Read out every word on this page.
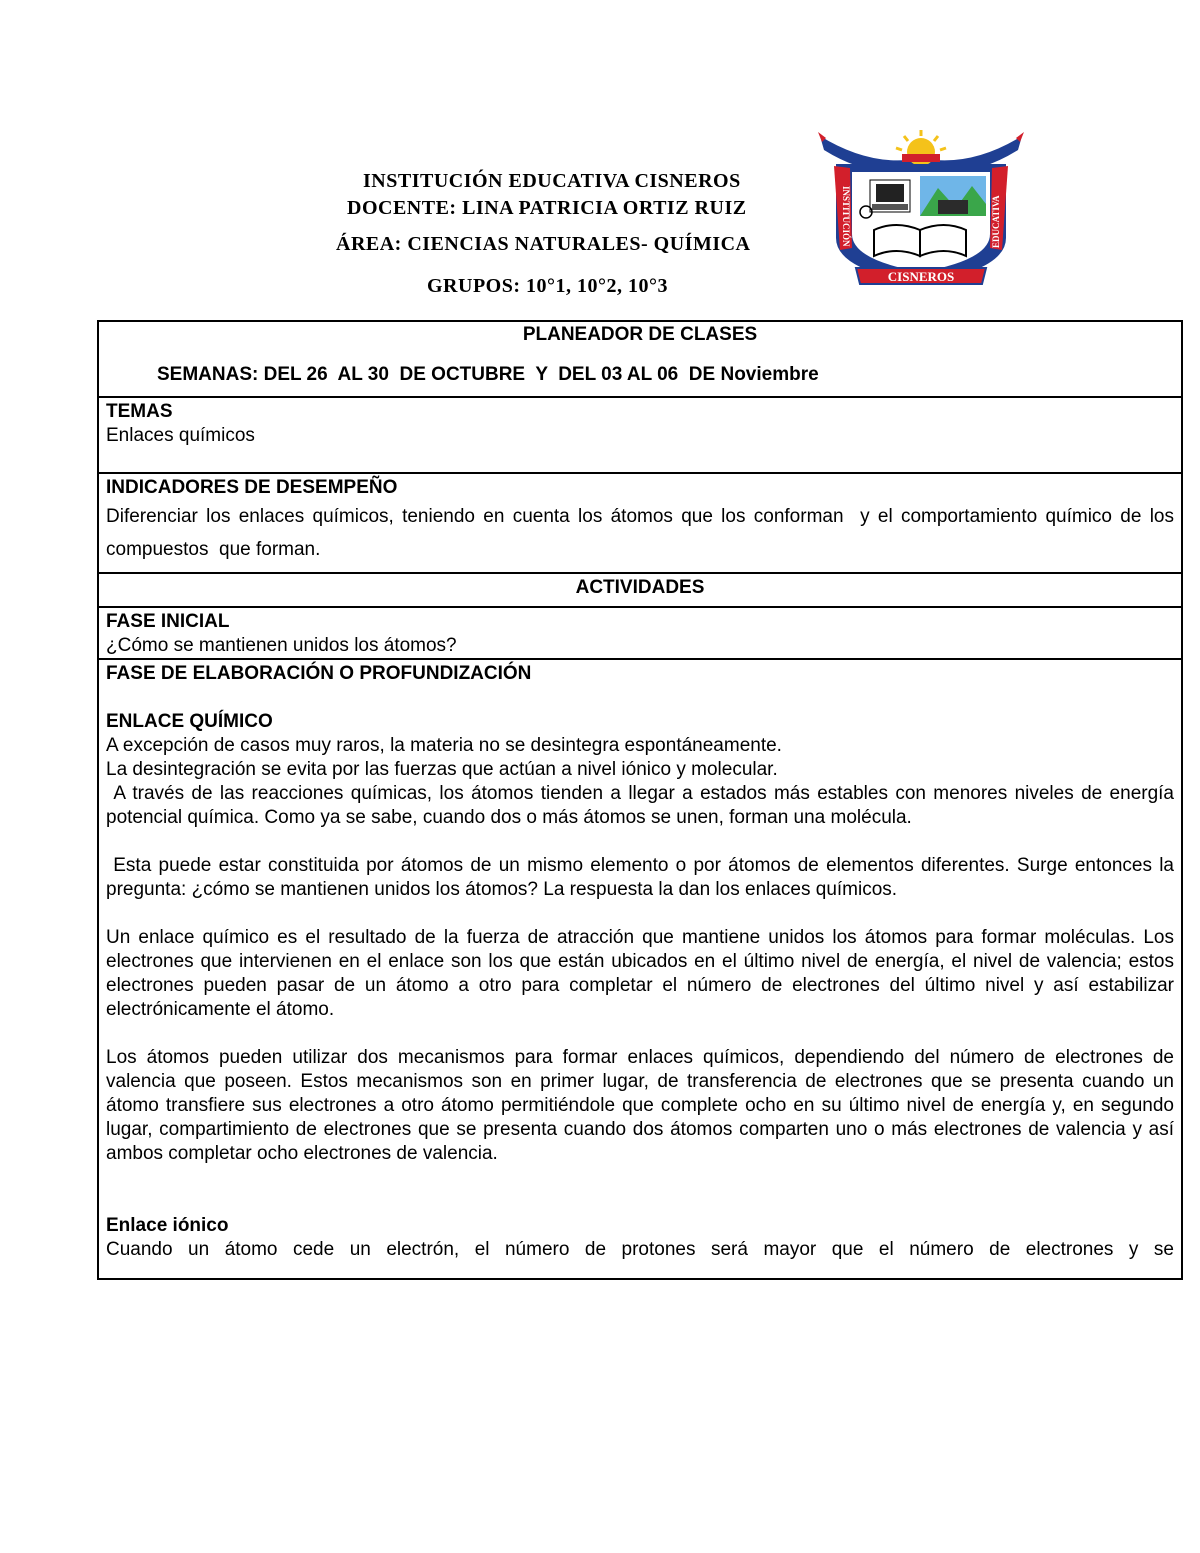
INSTITUCIÓN EDUCATIVA CISNEROS
DOCENTE: LINA PATRICIA ORTIZ RUIZ
ÁREA: CIENCIAS NATURALES- QUÍMICA
GRUPOS: 10°1, 10°2, 10°3
INSTITUCIÓN	EDUCATIVA
CISNEROS
PLANEADOR DE CLASES
SEMANAS: DEL 26  AL 30  DE OCTUBRE  Y  DEL 03 AL 06  DE Noviembre

TEMAS

Enlaces químicos

INDICADORES DE DESEMPEÑO

Diferenciar los enlaces químicos, teniendo en cuenta los átomos que los conforman  y el comportamiento químico de los compuestos  que forman.

ACTIVIDADES

FASE INICIAL

¿Cómo se mantienen unidos los átomos?

FASE DE ELABORACIÓN O PROFUNDIZACIÓN

ENLACE QUÍMICO

A excepción de casos muy raros, la materia no se desintegra espontáneamente.

La desintegración se evita por las fuerzas que actúan a nivel iónico y molecular.

A través de las reacciones químicas, los átomos tienden a llegar a estados más estables con menores niveles de energía potencial química. Como ya se sabe, cuando dos o más átomos se unen, forman una molécula.

Esta puede estar constituida por átomos de un mismo elemento o por átomos de elementos diferentes. Surge entonces la pregunta: ¿cómo se mantienen unidos los átomos? La respuesta la dan los enlaces químicos.

Un enlace químico es el resultado de la fuerza de atracción que mantiene unidos los átomos para formar moléculas. Los electrones que intervienen en el enlace son los que están ubicados en el último nivel de energía, el nivel de valencia; estos electrones pueden pasar de un átomo a otro para completar el número de electrones del último nivel y así estabilizar electrónicamente el átomo.

Los átomos pueden utilizar dos mecanismos para formar enlaces químicos, dependiendo del número de electrones de valencia que poseen. Estos mecanismos son en primer lugar, de transferencia de electrones que se presenta cuando un átomo transfiere sus electrones a otro átomo permitiéndole que complete ocho en su último nivel de energía y, en segundo lugar, compartimiento de electrones que se presenta cuando dos átomos comparten uno o más electrones de valencia y así ambos completar ocho electrones de valencia.

Enlace iónico

Cuando un átomo cede un electrón, el número de protones será mayor que el número de electrones y se
